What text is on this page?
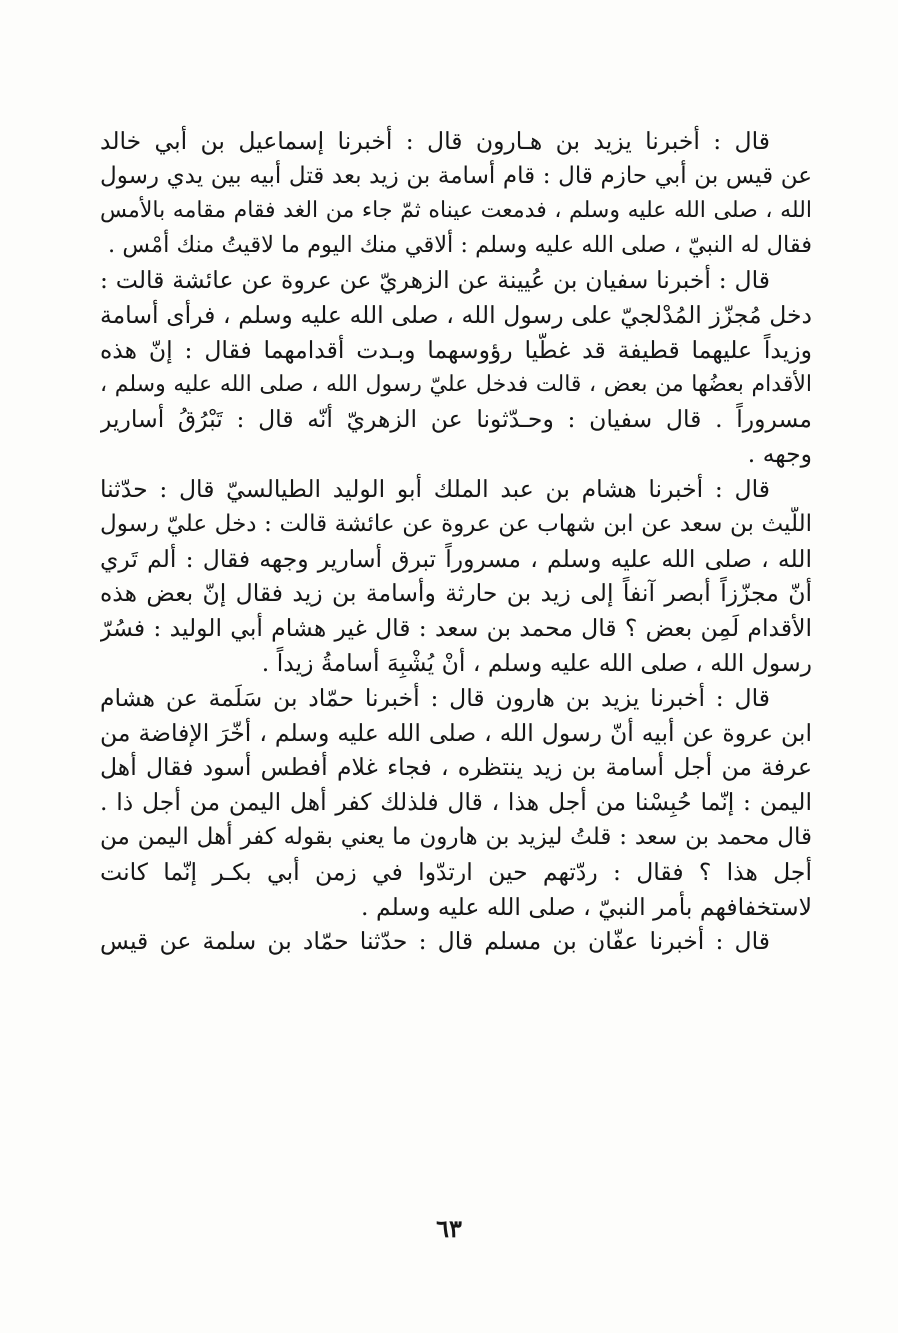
قال : أخبرنا يزيد بن هـارون قال : أخبرنا إسماعيل بن أبي خالد
عن قيس بن أبي حازم قال : قام أسامة بن زيد بعد قتل أبيه بين يدي رسول
الله ، صلى الله عليه وسلم ، فدمعت عيناه ثمّ جاء من الغد فقام مقامه بالأمس
فقال له النبيّ ، صلى الله عليه وسلم : ألاقي منك اليوم ما لاقيتُ منك أمْس .
قال : أخبرنا سفيان بن عُيينة عن الزهريّ عن عروة عن عائشة قالت :
دخل مُجزّز المُدْلجيّ على رسول الله ، صلى الله عليه وسلم ، فرأى أسامة
وزيداً عليهما قطيفة قد غطّيا رؤوسهما وبـدت أقدامهما فقال : إنّ هذه
الأقدام بعضُها من بعض ، قالت فدخل عليّ رسول الله ، صلى الله عليه وسلم ،
مسروراً . قال سفيان : وحـدّثونا عن الزهريّ أنّه قال : تَبْرُقُ أسارير
وجهه .
قال : أخبرنا هشام بن عبد الملك أبو الوليد الطيالسيّ قال : حدّثنا
اللّيث بن سعد عن ابن شهاب عن عروة عن عائشة قالت : دخل عليّ رسول
الله ، صلى الله عليه وسلم ، مسروراً تبرق أسارير وجهه فقال : ألم تَري
أنّ مجزّزاً أبصر آنفاً إلى زيد بن حارثة وأسامة بن زيد فقال إنّ بعض هذه
الأقدام لَمِن بعض ؟ قال محمد بن سعد : قال غير هشام أبي الوليد : فسُرّ
رسول الله ، صلى الله عليه وسلم ، أنْ يُشْبِهَ أسامةُ زيداً .
قال : أخبرنا يزيد بن هارون قال : أخبرنا حمّاد بن سَلَمة عن هشام
ابن عروة عن أبيه أنّ رسول الله ، صلى الله عليه وسلم ، أخّرَ الإفاضة من
عرفة من أجل أسامة بن زيد ينتظره ، فجاء غلام أفطس أسود فقال أهل
اليمن : إنّما حُبِسْنا من أجل هذا ، قال فلذلك كفر أهل اليمن من أجل ذا .
قال محمد بن سعد : قلتُ ليزيد بن هارون ما يعني بقوله كفر أهل اليمن من
أجل هذا ؟ فقال : ردّتهم حين ارتدّوا في زمن أبي بكـر إنّما كانت
لاستخفافهم بأمر النبيّ ، صلى الله عليه وسلم .
قال : أخبرنا عفّان بن مسلم قال : حدّثنا حمّاد بن سلمة عن قيس
٦٣
